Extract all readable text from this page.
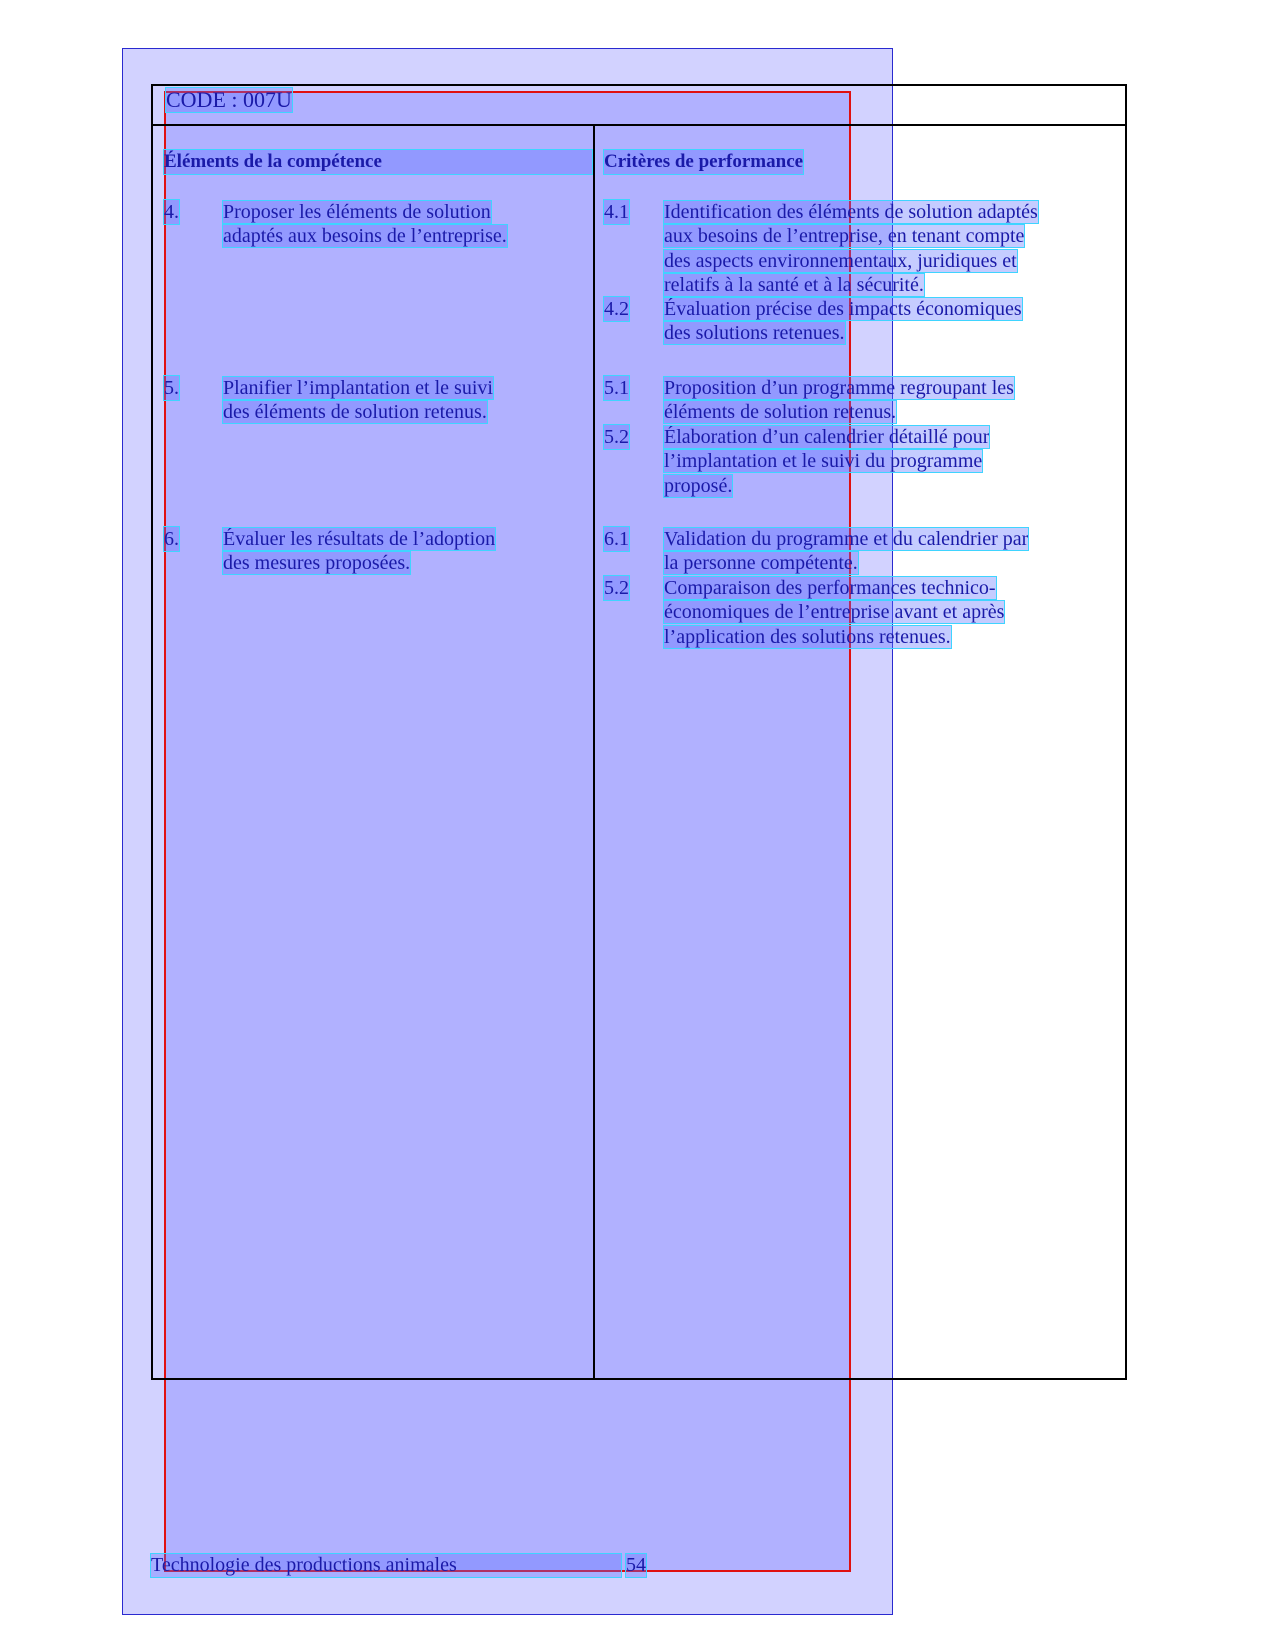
CODE : 007U
Éléments de la compétence	Critères de performance
4. Proposer les éléments de solution
adaptés aux besoins de l’entreprise.
4.1 Identification des éléments de solution adaptés
aux besoins de l’entreprise, en tenant compte
des aspects environnementaux, juridiques et
relatifs à la santé et à la sécurité.
4.2 Évaluation précise des impacts économiques
des solutions retenues.
5. Planifier l’implantation et le suivi
des éléments de solution retenus.
5.1 Proposition d’un programme regroupant les
éléments de solution retenus.
5.2 Élaboration d’un calendrier détaillé pour
l’implantation et le suivi du programme
proposé.
6. Évaluer les résultats de l’adoption
des mesures proposées.
6.1 Validation du programme et du calendrier par
la personne compétente.
5.2 Comparaison des performances technico-
économiques de l’entreprise avant et après
l’application des solutions retenues.
Technologie des productions animales	54
